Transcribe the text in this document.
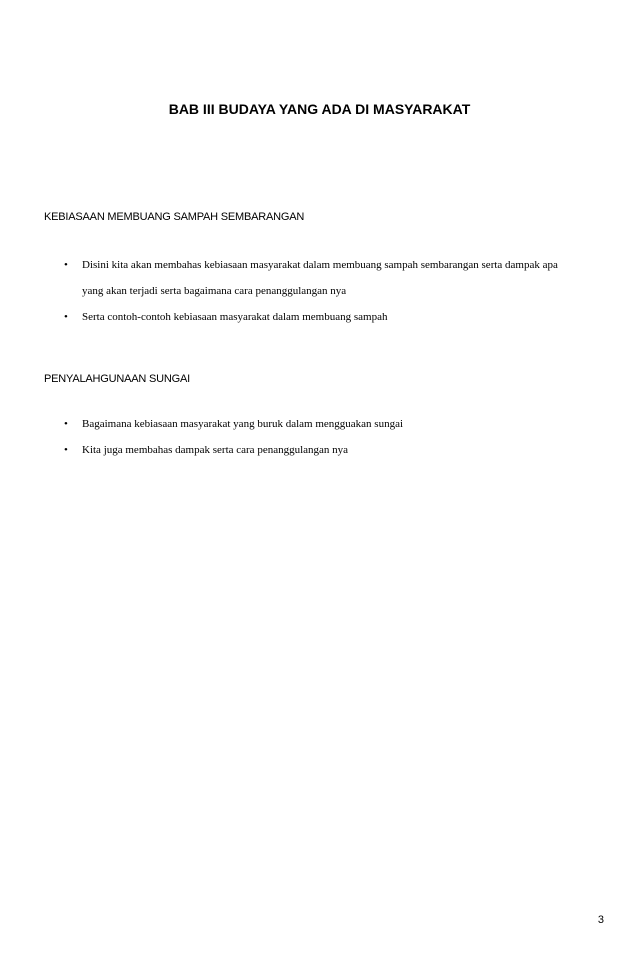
BAB III BUDAYA YANG ADA DI MASYARAKAT
KEBIASAAN MEMBUANG SAMPAH SEMBARANGAN
• Disini kita akan membahas kebiasaan masyarakat dalam membuang sampah sembarangan serta dampak apa yang akan terjadi serta bagaimana cara penanggulangan nya
• Serta contoh-contoh kebiasaan masyarakat dalam membuang sampah
PENYALAHGUNAAN SUNGAI
• Bagaimana kebiasaan masyarakat yang buruk dalam mengguakan sungai
• Kita juga membahas dampak serta cara penanggulangan nya
3
